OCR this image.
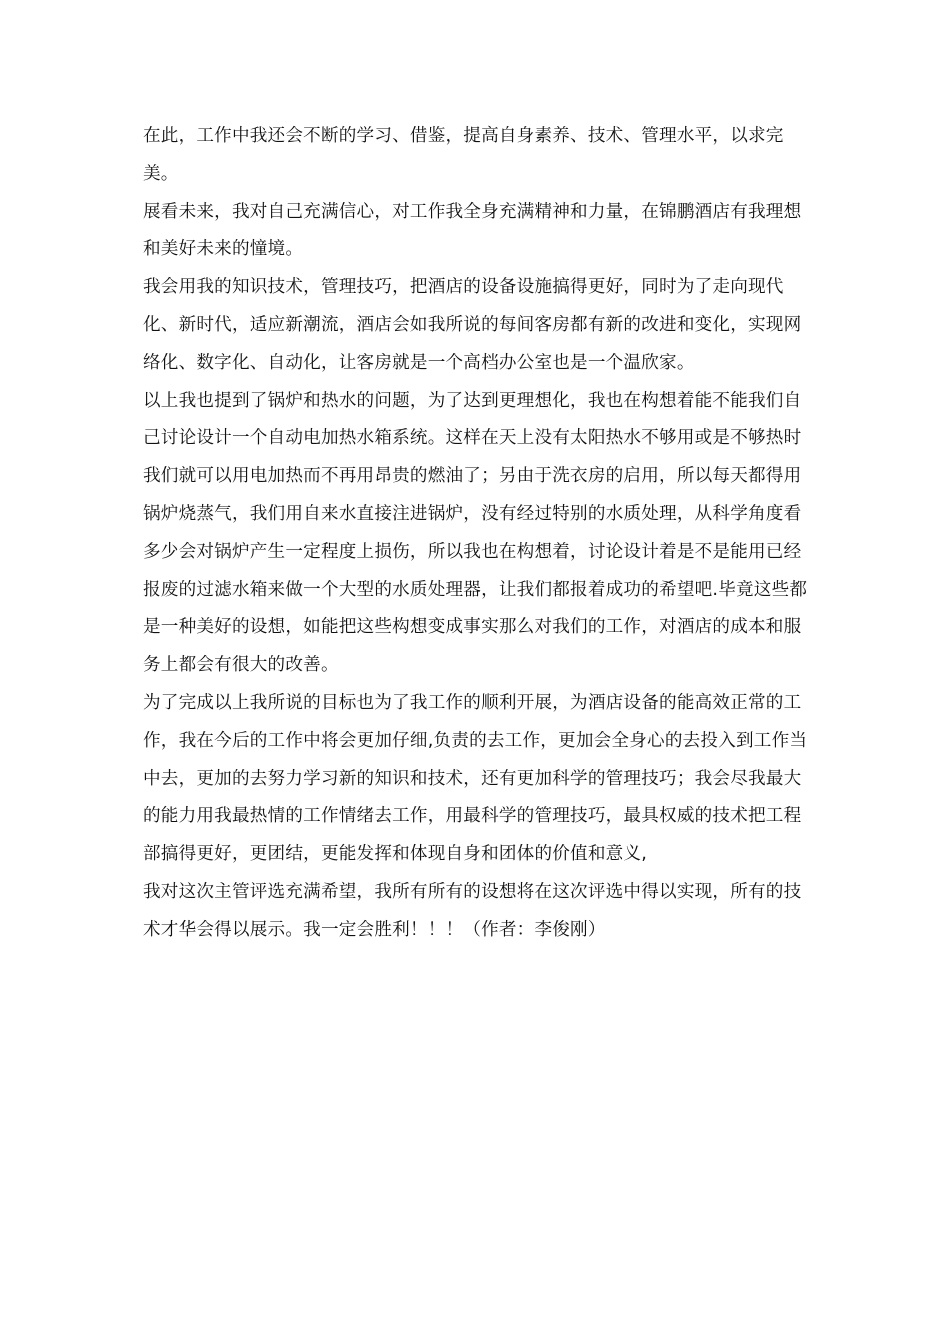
在此，工作中我还会不断的学习、借鉴，提高自身素养、技术、管理水平，以求完美。

展看未来，我对自己充满信心，对工作我全身充满精神和力量，在锦鹏酒店有我理想和美好未来的憧境。

我会用我的知识技术，管理技巧，把酒店的设备设施搞得更好，同时为了走向现代化、新时代，适应新潮流，酒店会如我所说的每间客房都有新的改进和变化，实现网络化、数字化、自动化，让客房就是一个高档办公室也是一个温欣家。

以上我也提到了锅炉和热水的问题，为了达到更理想化，我也在构想着能不能我们自己讨论设计一个自动电加热水箱系统。这样在天上没有太阳热水不够用或是不够热时我们就可以用电加热而不再用昂贵的燃油了；另由于洗衣房的启用，所以每天都得用锅炉烧蒸气，我们用自来水直接注进锅炉，没有经过特别的水质处理，从科学角度看多少会对锅炉产生一定程度上损伤，所以我也在构想着，讨论设计着是不是能用已经报废的过滤水箱来做一个大型的水质处理器，让我们都报着成功的希望吧.毕竟这些都是一种美好的设想，如能把这些构想变成事实那么对我们的工作，对酒店的成本和服务上都会有很大的改善。

为了完成以上我所说的目标也为了我工作的顺利开展，为酒店设备的能高效正常的工作，我在今后的工作中将会更加仔细,负责的去工作，更加会全身心的去投入到工作当中去，更加的去努力学习新的知识和技术，还有更加科学的管理技巧；我会尽我最大的能力用我最热情的工作情绪去工作，用最科学的管理技巧，最具权威的技术把工程部搞得更好，更团结，更能发挥和体现自身和团体的价值和意义,

我对这次主管评选充满希望，我所有所有的设想将在这次评选中得以实现，所有的技术才华会得以展示。我一定会胜利！！！（作者：李俊刚）
